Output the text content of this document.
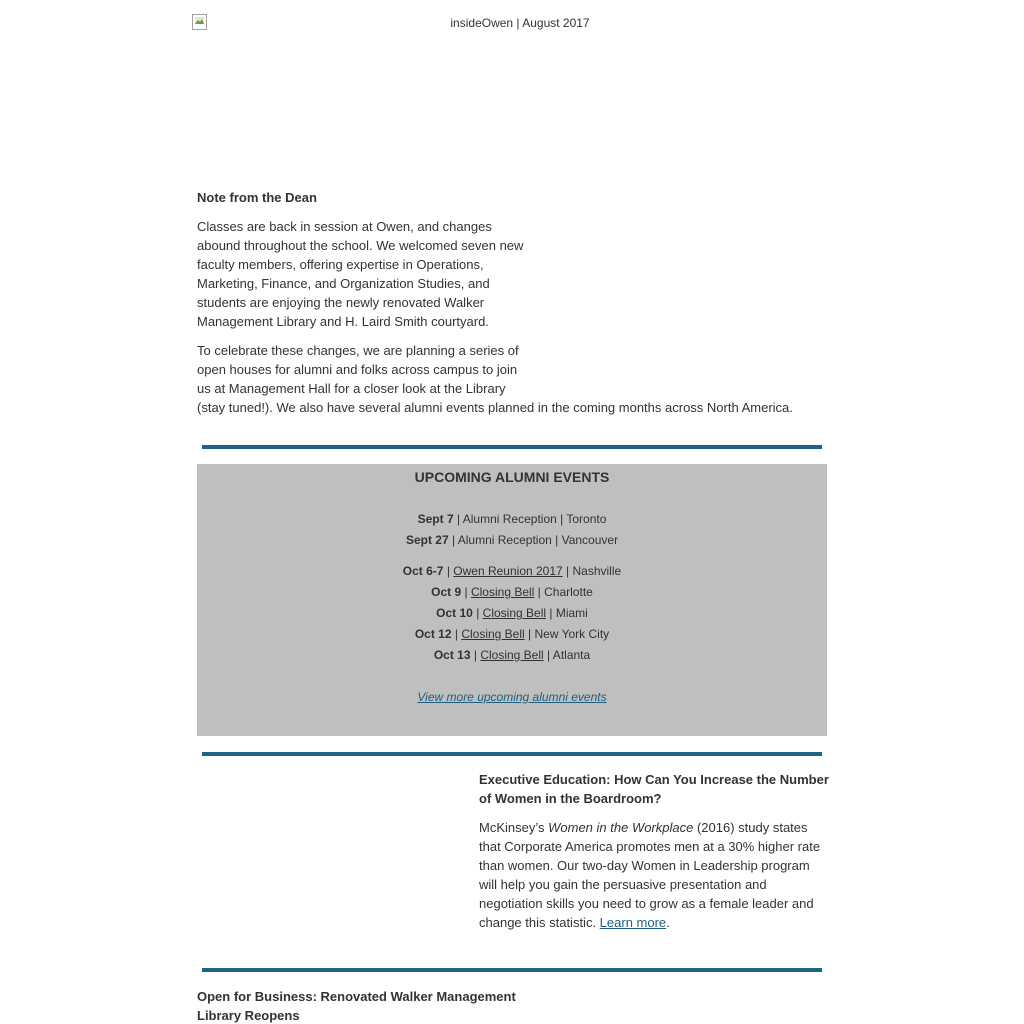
insideOwen | August 2017
Note from the Dean

Classes are back in session at Owen, and changes abound throughout the school. We welcomed seven new faculty members, offering expertise in Operations, Marketing, Finance, and Organization Studies, and students are enjoying the newly renovated Walker Management Library and H. Laird Smith courtyard.

To celebrate these changes, we are planning a series of
open houses for alumni and folks across campus to join
us at Management Hall for a closer look at the Library
(stay tuned!). We also have several alumni events planned in the coming months across North America.

UPCOMING ALUMNI EVENTS
Sept 7 | Alumni Reception | Toronto
Sept 27 | Alumni Reception | Vancouver
Oct 6-7 | Owen Reunion 2017 | Nashville
Oct 9 | Closing Bell | Charlotte
Oct 10 | Closing Bell | Miami
Oct 12 | Closing Bell | New York City
Oct 13 | Closing Bell | Atlanta
View more upcoming alumni events
Executive Education: How Can You Increase the Number of Women in the Boardroom?

McKinsey’s Women in the Workplace (2016) study states that Corporate America promotes men at a 30% higher rate than women. Our two-day Women in Leadership program will help you gain the persuasive presentation and negotiation skills you need to grow as a female leader and change this statistic. Learn more.

Open for Business: Renovated Walker Management Library Reopens
